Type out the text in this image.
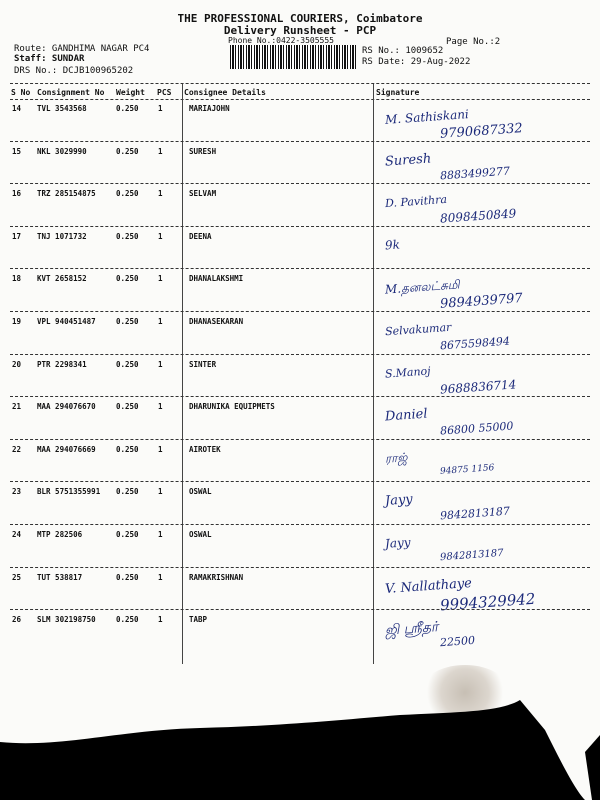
THE PROFESSIONAL COURIERS, Coimbatore
Delivery Runsheet - PCP
Phone No.:0422-3505555	Page No.:2
Route: GANDHIMA NAGAR PC4
Staff: SUNDAR
DRS No.: DCJB100965202
RS No.: 1009652
RS Date: 29-Aug-2022
S No Consignment No Weight PCS Consignee Details	Signature
14 TVL 3543568	0.250	1	MARIAJOHN	M. Sathiskani
9790687332
15 NKL 3029990	0.250	1	SURESH	Suresh
8883499277
16 TRZ 285154875	0.250	1	SELVAM	D. Pavithra
8098450849
17 TNJ 1071732	0.250	1	DEENA
9k
18 KVT 2658152	0.250	1	DHANALAKSHMI	M.தனலட்சுமி
9894939797
19 VPL 940451487	0.250	1	DHANASEKARAN	Selvakumar
8675598494
20 PTR 2298341	0.250	1	SINTER	S.Manoj
9688836714
21 MAA 294076670	0.250	1	DHARUNIKA EQUIPMETS
Daniel
86800 55000
22 MAA 294076669	0.250	1	AIROTEK
ராஜ்
94875 1156
23 BLR 5751355991 0.250	1	OSWAL
Jayy
9842813187
24 MTP 282506	0.250	1	OSWAL
Jayy
9842813187
25 TUT 538817	0.250	1	RAMAKRISHNAN	V. Nallathaye
9994329942
26 SLM 302198750	0.250	1	TABP	ஜி ஸ்ரீதர்
22500
